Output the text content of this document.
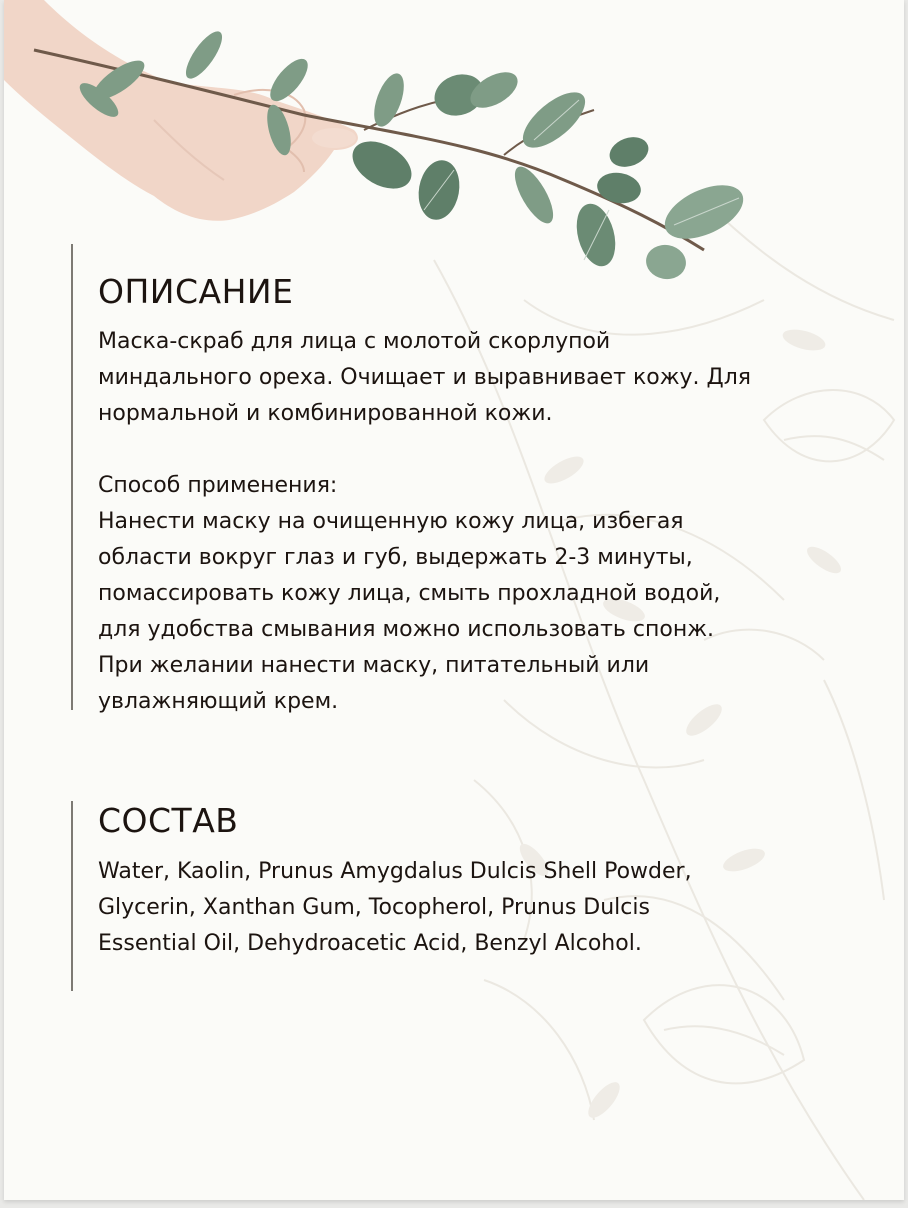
ОПИСАНИЕ

Маска-скраб для лица с молотой скорлупой
миндального ореха. Очищает и выравнивает кожу. Для
нормальной и комбинированной кожи.

Способ применения:
Нанести маску на очищенную кожу лица, избегая
области вокруг глаз и губ, выдержать 2-3 минуты,
помассировать кожу лица, смыть прохладной водой,
для удобства смывания можно использовать спонж.
При желании нанести маску, питательный или
увлажняющий крем.

СОСТАВ

Water, Kaolin, Prunus Amygdalus Dulcis Shell Powder,
Glycerin, Xanthan Gum, Tocopherol, Prunus Dulcis
Essential Oil, Dehydroacetic Acid, Benzyl Alcohol.
